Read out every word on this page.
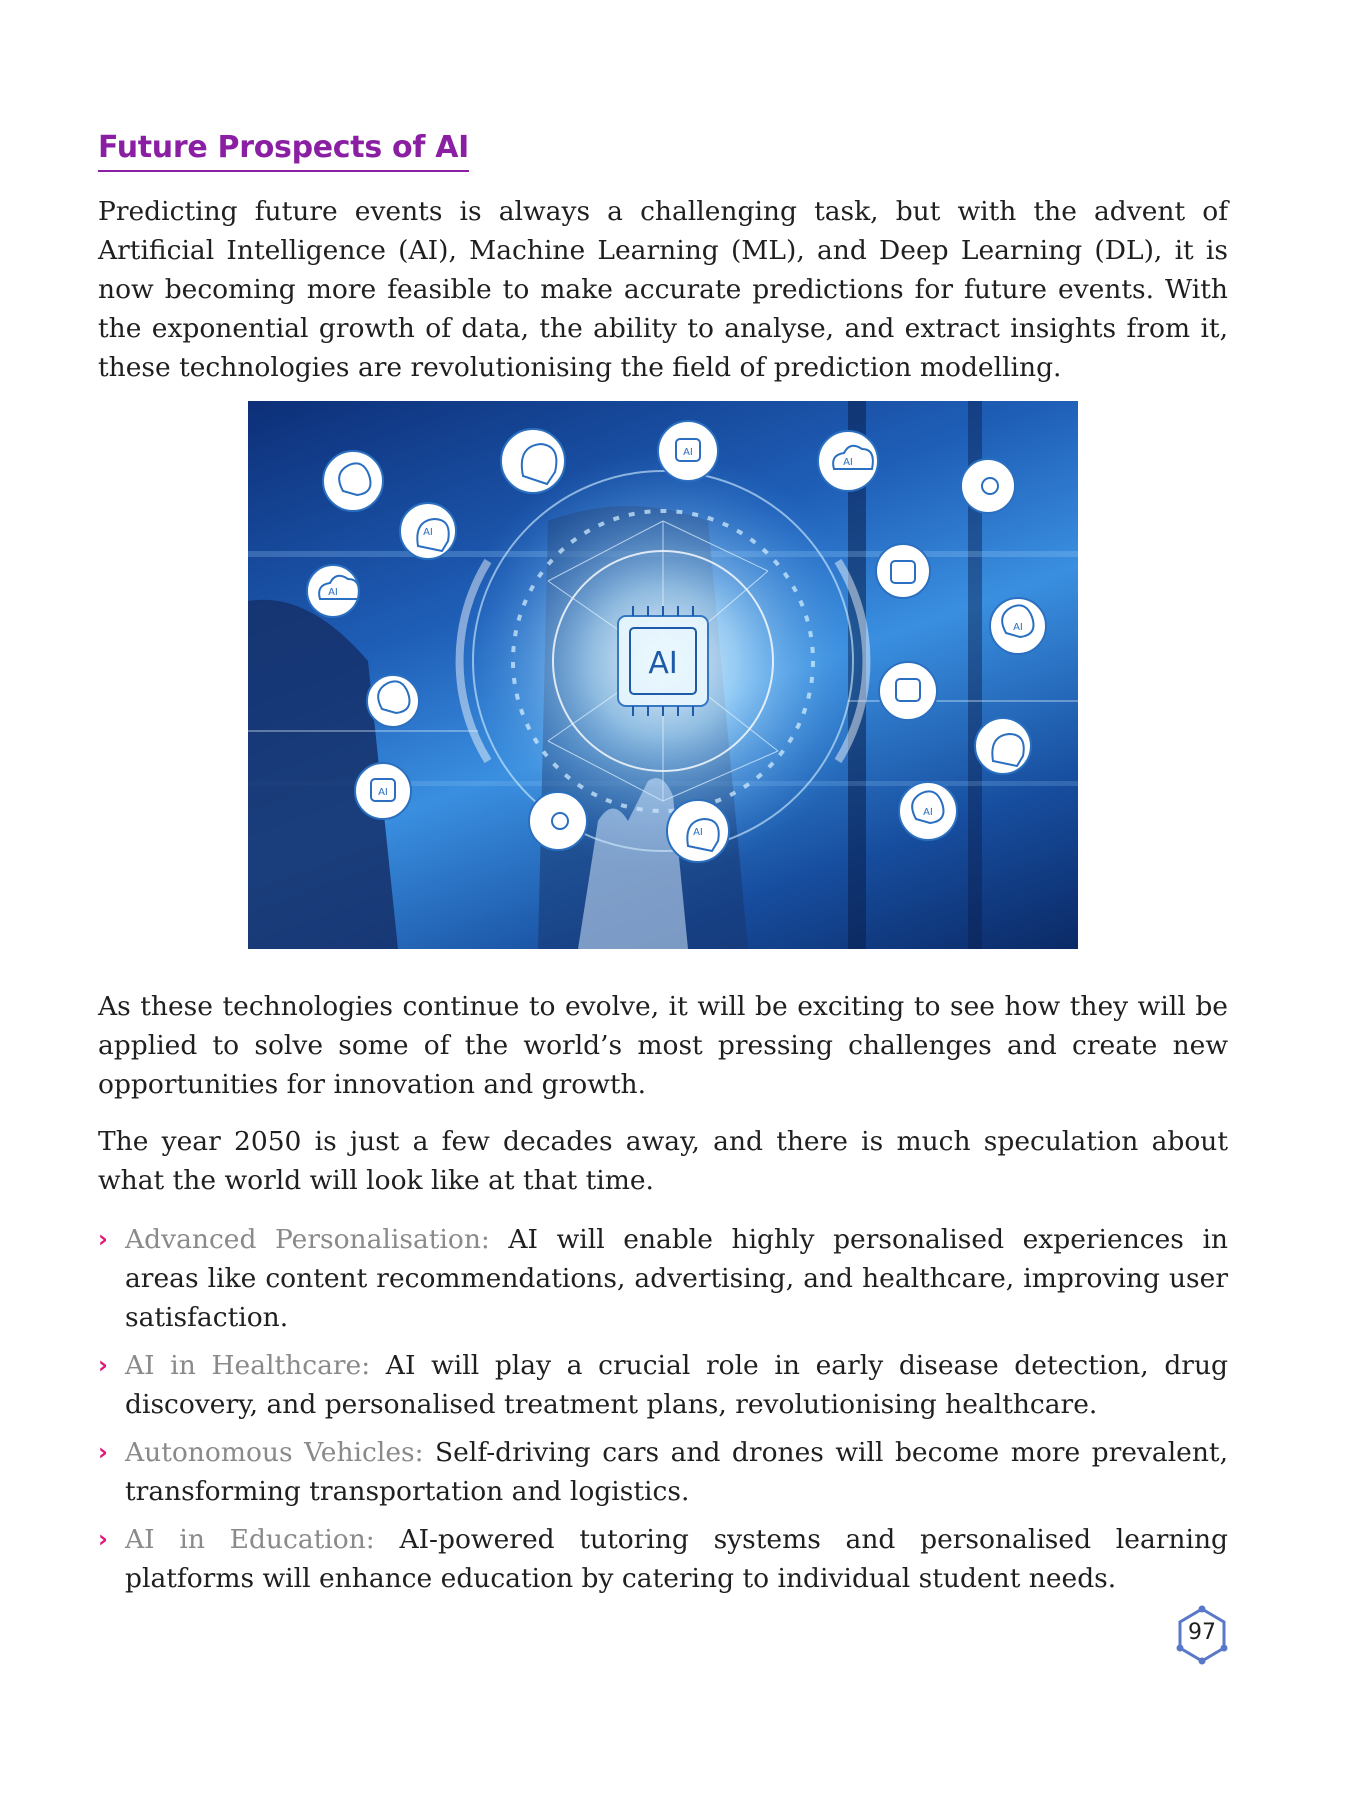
Future Prospects of AI

Predicting future events is always a challenging task, but with the advent of Artificial Intelligence (AI), Machine Learning (ML), and Deep Learning (DL), it is now becoming more feasible to make accurate predictions for future events. With the exponential growth of data, the ability to analyse, and extract insights from it, these technologies are revolutionising the field of prediction modelling.

AI
AI
AI
AI
AI
AI
AI
AI
AI

As these technologies continue to evolve, it will be exciting to see how they will be applied to solve some of the world’s most pressing challenges and create new opportunities for innovation and growth.

The year 2050 is just a few decades away, and there is much speculation about what the world will look like at that time.

› Advanced Personalisation: AI will enable highly personalised experiences in areas like content recommendations, advertising, and healthcare, improving user satisfaction.
› AI in Healthcare: AI will play a crucial role in early disease detection, drug discovery, and personalised treatment plans, revolutionising healthcare.
› Autonomous Vehicles: Self-driving cars and drones will become more prevalent, transforming transportation and logistics.
› AI in Education: AI-powered tutoring systems and personalised learning platforms will enhance education by catering to individual student needs.
97
